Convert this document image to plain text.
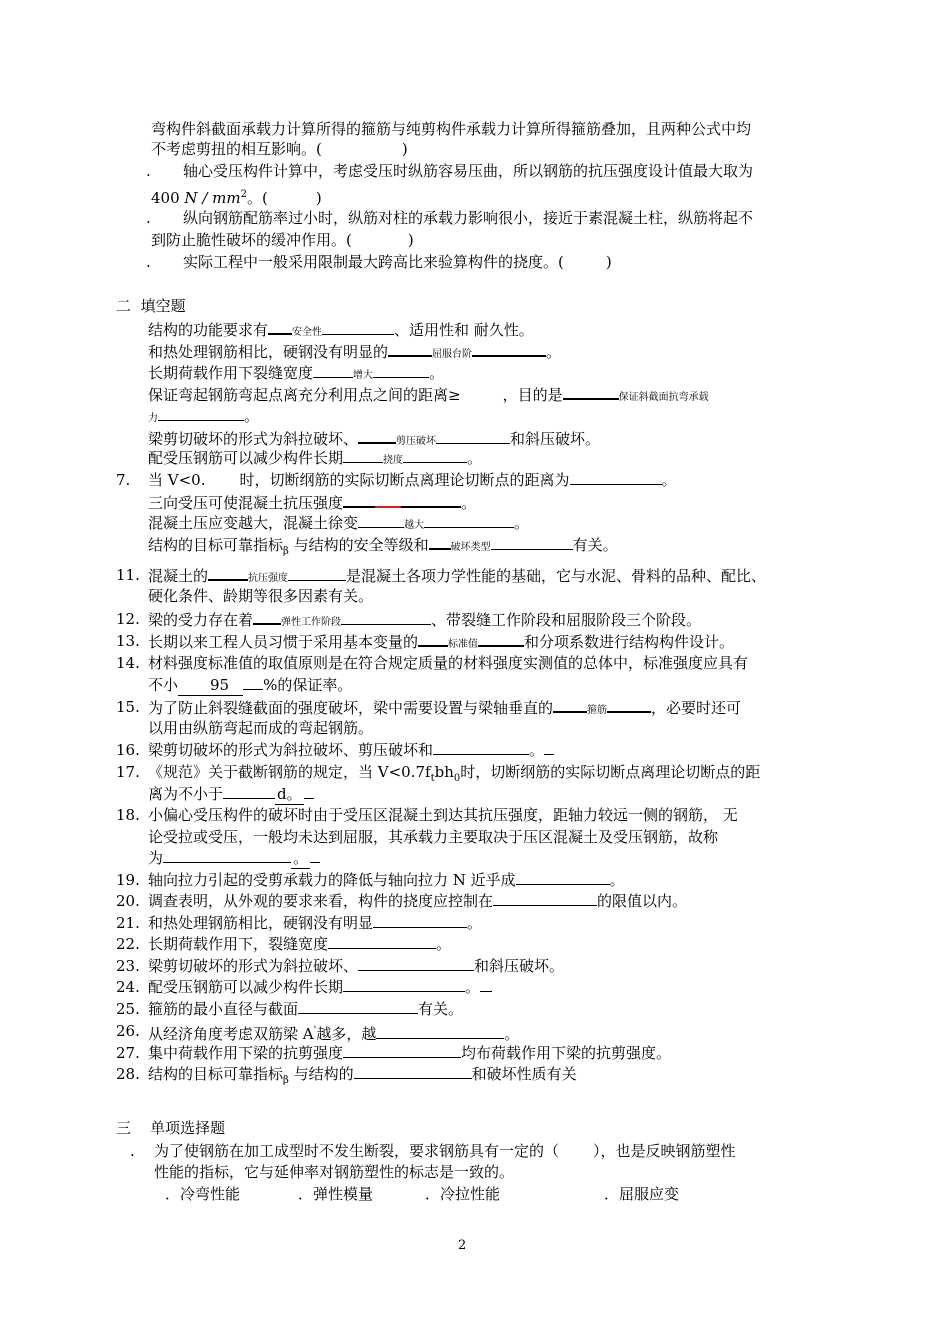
弯构件斜截面承载力计算所得的箍筋与纯剪构件承载力计算所得箍筋叠加，且两种公式中均
不考虑剪扭的相互影响。(	)
. 轴心受压构件计算中，考虑受压时纵筋容易压曲，所以钢筋的抗压强度设计值最大取为
400 N / $mm^2$。(	)
. 纵向钢筋配筋率过小时，纵筋对柱的承载力影响很小，接近于素混凝土柱，纵筋将起不
到防止脆性破坏的缓冲作用。(	)
. 实际工程中一般采用限制最大跨高比来验算构件的挠度。(	)
二 填空题
结构的功能要求有 安全性	、适用性和 耐久性。
和热处理钢筋相比，硬钢没有明显的	屈服台阶	。
长期荷载作用下裂缝宽度	增大	。
保证弯起钢筋弯起点离充分利用点之间的距离≥	，目的是	保证斜截面抗弯承载
力	。
梁剪切破坏的形式为斜拉破坏、	剪压破坏	和斜压破坏。
配受压钢筋可以减少构件长期	挠度	。
7. 当 V<0. 时，切断纲筋的实际切断点离理论切断点的距离为	。
三向受压可使混凝土抗压强度	。
混凝土压应变越大，混凝土徐变	越大	。
结构的目标可靠指标$_\beta$ 与结构的安全等级和 破坏类型	有关。
11. 混凝土的	抗压强度	是混凝土各项力学性能的基础，它与水泥、骨料的品种、配比、
硬化条件、龄期等很多因素有关。
12. 梁的受力存在着	弹性工作阶段	、带裂缝工作阶段和屈服阶段三个阶段。
13. 长期以来工程人员习惯于采用基本变量的	标准值	和分项系数进行结构构件设计。
14. 材料强度标准值的取值原则是在符合规定质量的材料强度实测值的总体中，标准强度应具有
不小 95 %的保证率。
15. 为了防止斜裂缝截面的强度破坏，梁中需要设置与梁轴垂直的	箍筋	，必要时还可
以用由纵筋弯起而成的弯起钢筋。
16. 梁剪切破坏的形式为斜拉破坏、剪压破坏和	。
17. 《规范》关于截断钢筋的规定，当 $V<0.7f_tbh_0$时，切断纲筋的实际切断点离理论切断点的距
离为不小于	d。
18. 小偏心受压构件的破坏时由于受压区混凝土到达其抗压强度，距轴力较远一侧的钢筋， 无
论受拉或受压，一般均未达到屈服，其承载力主要取决于压区混凝土及受压钢筋，故称
为	。
19. 轴向拉力引起的受剪承载力的降低与轴向拉力 N 近乎成	。
20. 调查表明，从外观的要求来看，构件的挠度应控制在	的限值以内。
21. 和热处理钢筋相比，硬钢没有明显	。
22. 长期荷载作用下，裂缝宽度	。
23. 梁剪切破坏的形式为斜拉破坏、	和斜压破坏。
24. 配受压钢筋可以减少构件长期	。
25. 箍筋的最小直径与截面	有关。
26. 从经济角度考虑双筋梁 A'越多，越	。
27. 集中荷载作用下梁的抗剪强度	均布荷载作用下梁的抗剪强度。
28. 结构的目标可靠指标$_\beta$ 与结构的	和破坏性质有关
三 单项选择题
. 为了使钢筋在加工成型时不发生断裂，要求钢筋具有一定的（ ），也是反映钢筋塑性
性能的指标，它与延伸率对钢筋塑性的标志是一致的。
．冷弯性能	．弹性模量	．冷拉性能	．屈服应变
2
